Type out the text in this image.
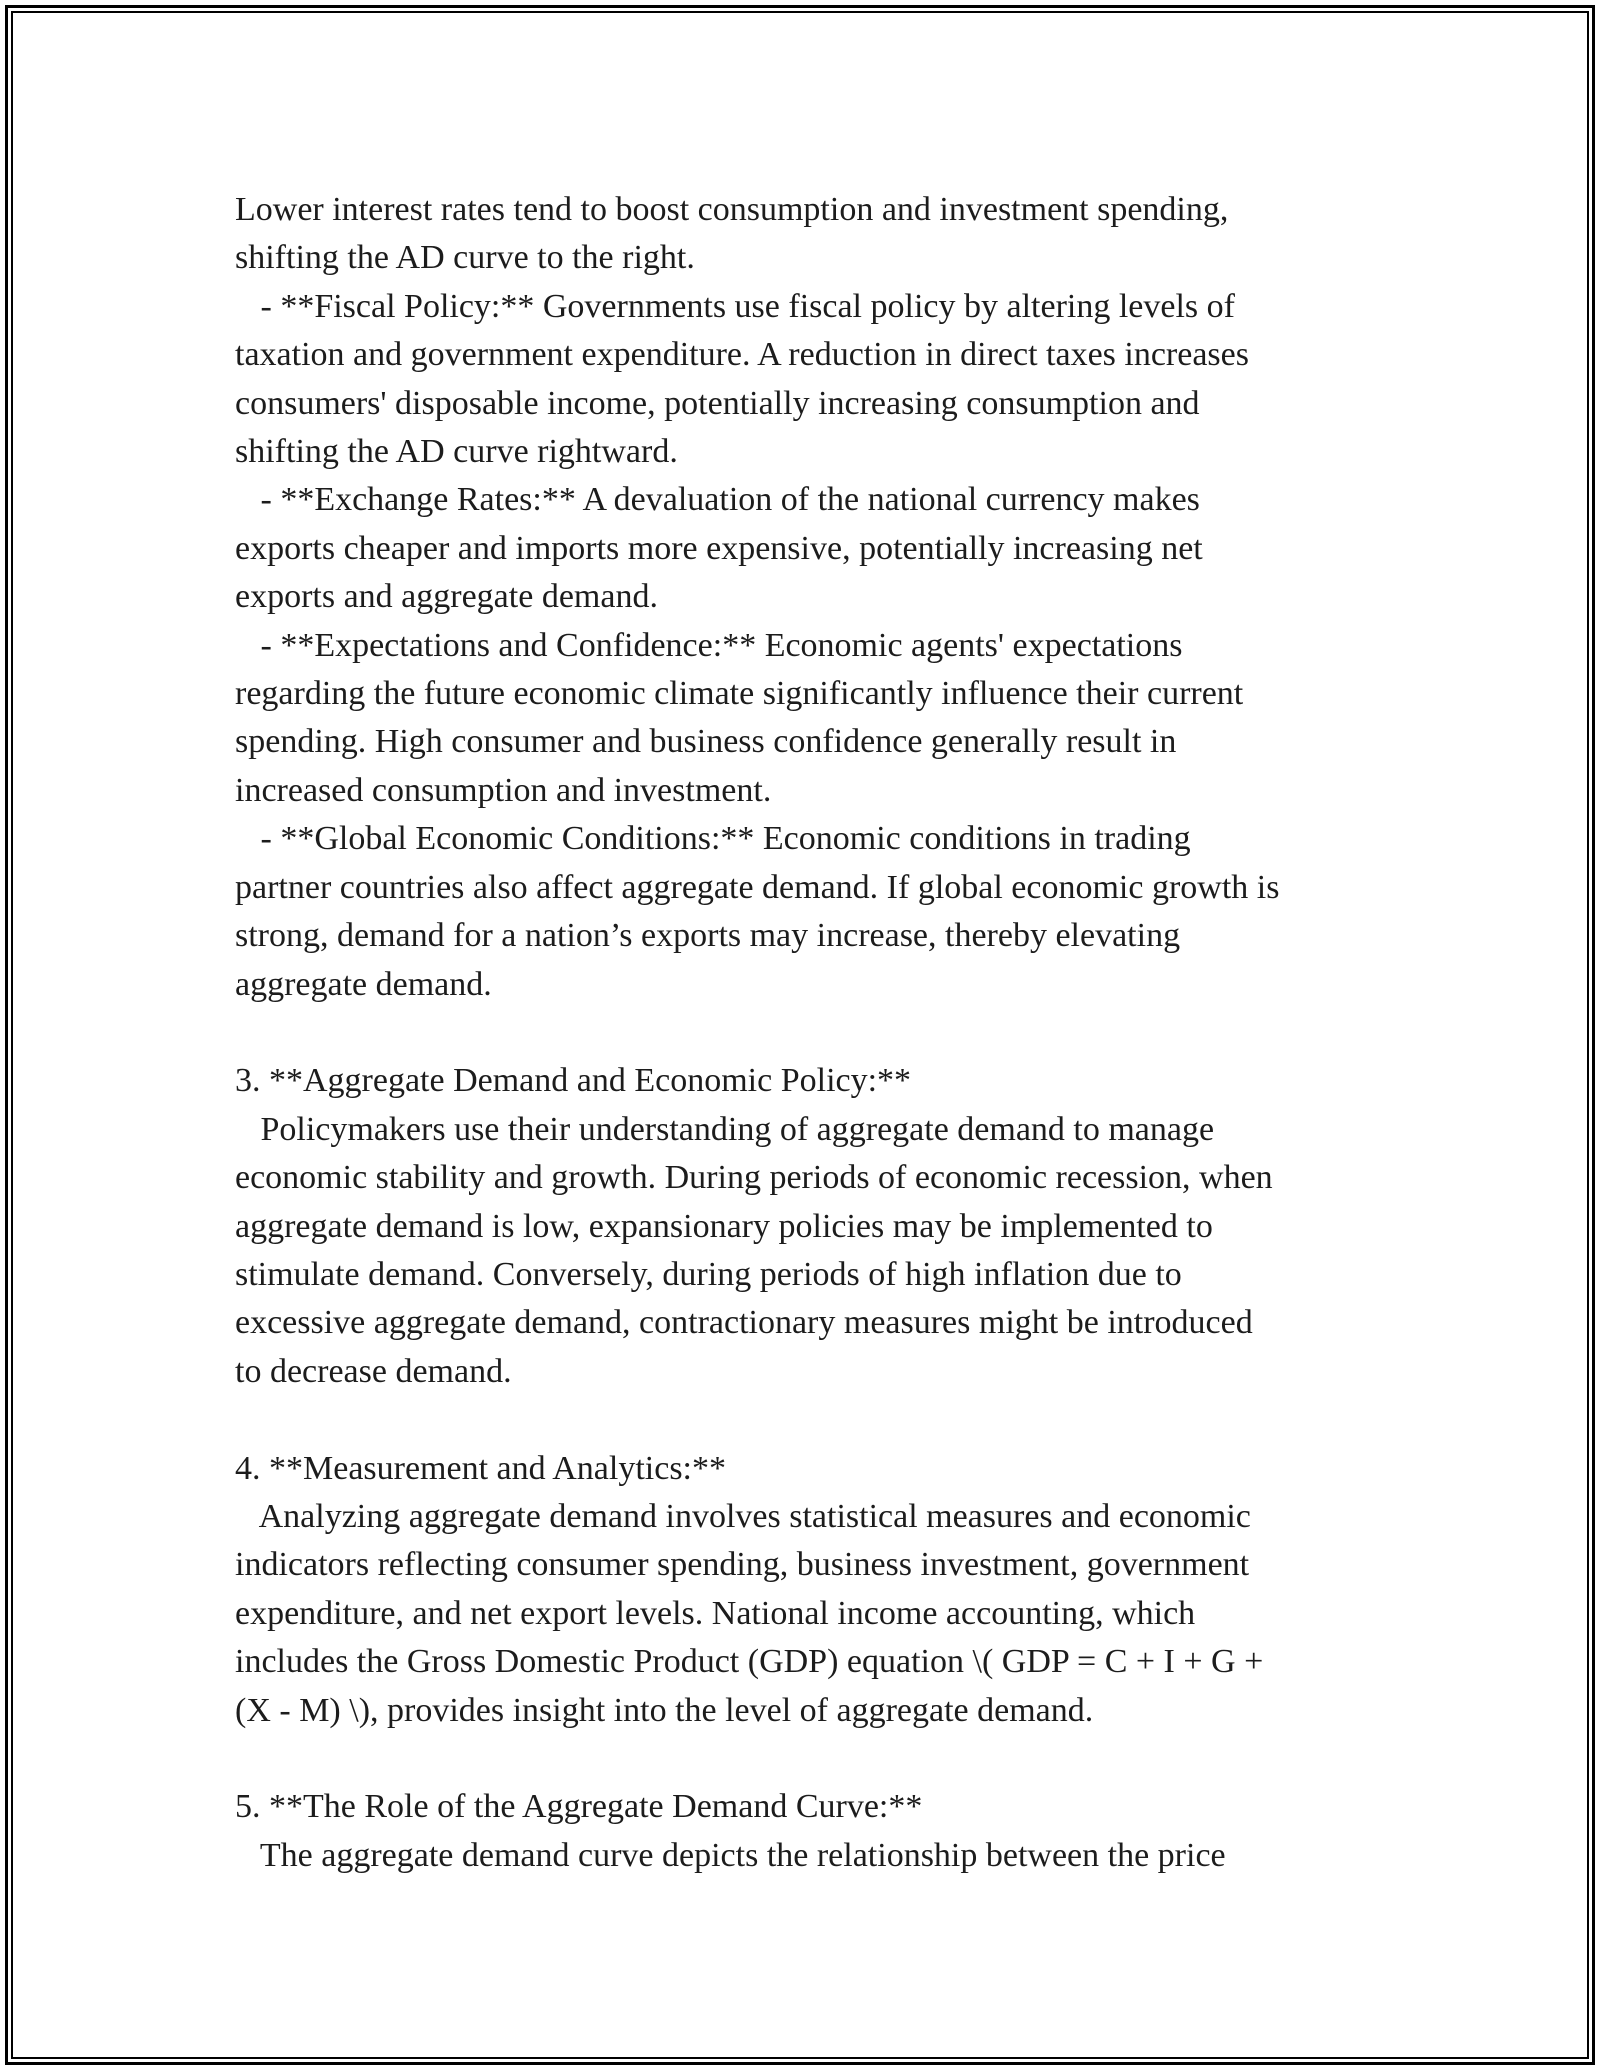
Lower interest rates tend to boost consumption and investment spending,
shifting the AD curve to the right.
- **Fiscal Policy:** Governments use fiscal policy by altering levels of
taxation and government expenditure. A reduction in direct taxes increases
consumers' disposable income, potentially increasing consumption and
shifting the AD curve rightward.
- **Exchange Rates:** A devaluation of the national currency makes
exports cheaper and imports more expensive, potentially increasing net
exports and aggregate demand.
- **Expectations and Confidence:** Economic agents' expectations
regarding the future economic climate significantly influence their current
spending. High consumer and business confidence generally result in
increased consumption and investment.
- **Global Economic Conditions:** Economic conditions in trading
partner countries also affect aggregate demand. If global economic growth is
strong, demand for a nation’s exports may increase, thereby elevating
aggregate demand.
3. **Aggregate Demand and Economic Policy:**
Policymakers use their understanding of aggregate demand to manage
economic stability and growth. During periods of economic recession, when
aggregate demand is low, expansionary policies may be implemented to
stimulate demand. Conversely, during periods of high inflation due to
excessive aggregate demand, contractionary measures might be introduced
to decrease demand.
4. **Measurement and Analytics:**
Analyzing aggregate demand involves statistical measures and economic
indicators reflecting consumer spending, business investment, government
expenditure, and net export levels. National income accounting, which
includes the Gross Domestic Product (GDP) equation \( GDP = C + I + G +
(X - M) \), provides insight into the level of aggregate demand.
5. **The Role of the Aggregate Demand Curve:**
The aggregate demand curve depicts the relationship between the price
